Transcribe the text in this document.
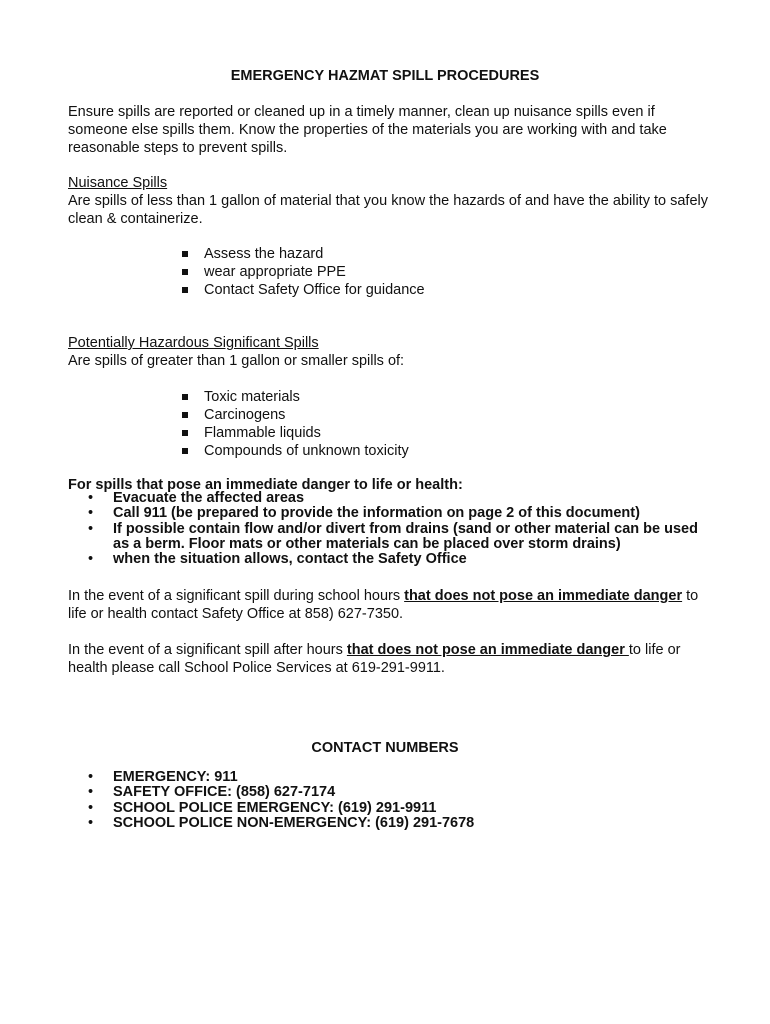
EMERGENCY HAZMAT SPILL PROCEDURES

Ensure spills are reported or cleaned up in a timely manner, clean up nuisance spills even if someone else spills them. Know the properties of the materials you are working with and take reasonable steps to prevent spills.

Nuisance Spills

Are spills of less than 1 gallon of material that you know the hazards of and have the ability to safely clean & containerize.

Assess the hazard
wear appropriate PPE
Contact Safety Office for guidance
Potentially Hazardous Significant Spills

Are spills of greater than 1 gallon or smaller spills of:

Toxic materials
Carcinogens
Flammable liquids
Compounds of unknown toxicity
For spills that pose an immediate danger to life or health:
• Evacuate the affected areas
• Call 911 (be prepared to provide the information on page 2 of this document)
• If possible contain flow and/or divert from drains (sand or other material can be used as a berm. Floor mats or other materials can be placed over storm drains)
• when the situation allows, contact the Safety Office

In the event of a significant spill during school hours that does not pose an immediate danger to life or health contact Safety Office at 858) 627-7350.

In the event of a significant spill after hours that does not pose an immediate danger to life or health please call School Police Services at 619-291-9911.

CONTACT NUMBERS
• EMERGENCY: 911
• SAFETY OFFICE: (858) 627-7174
• SCHOOL POLICE EMERGENCY: (619) 291-9911
• SCHOOL POLICE NON-EMERGENCY: (619) 291-7678
